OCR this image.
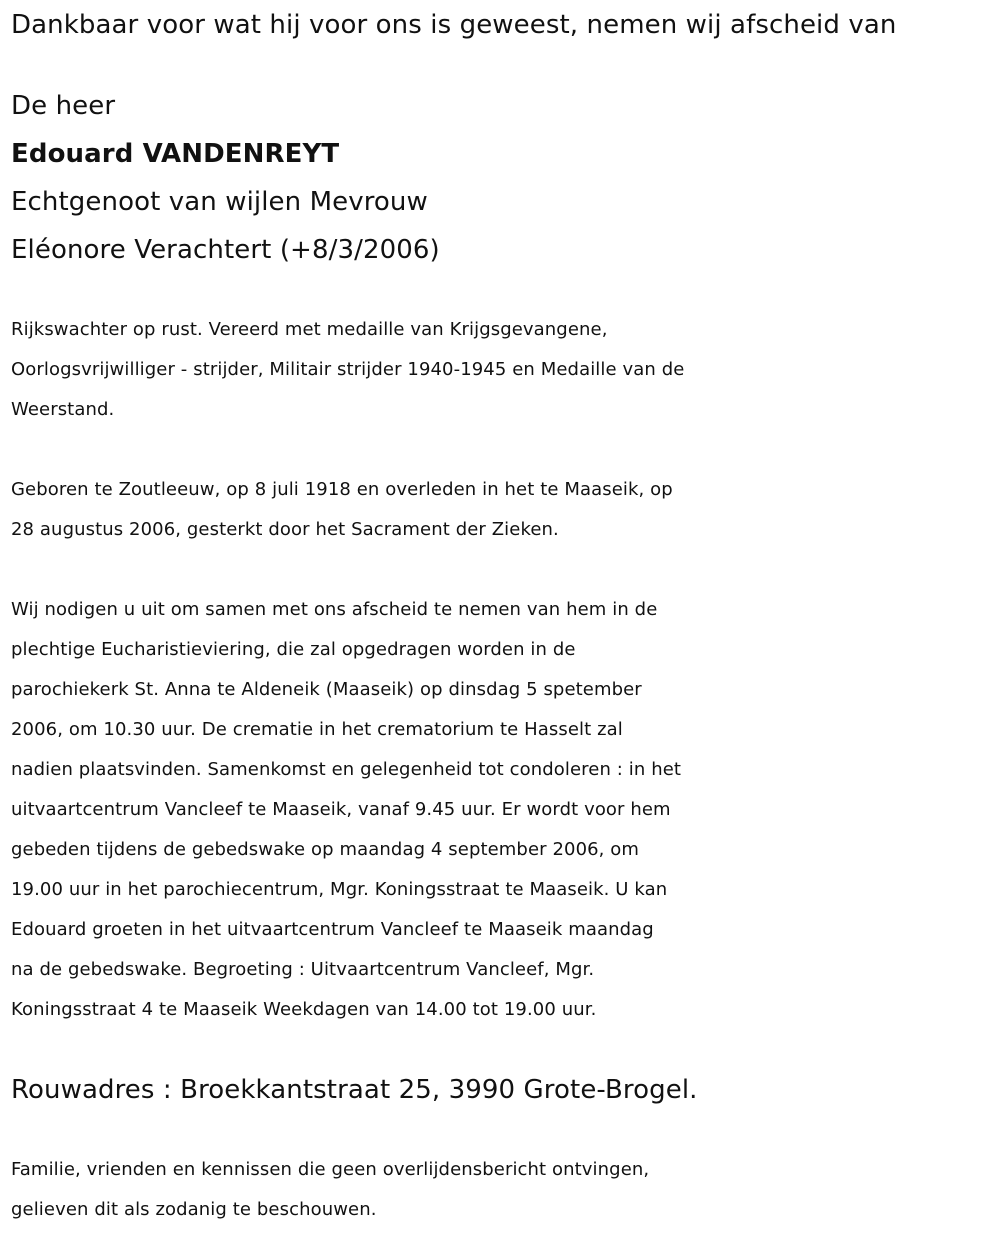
Dankbaar voor wat hij voor ons is geweest, nemen wij afscheid van
De heer
Edouard VANDENREYT
Echtgenoot van wijlen Mevrouw
Eléonore Verachtert (+8/3/2006)
Rijkswachter op rust. Vereerd met medaille van Krijgsgevangene,
Oorlogsvrijwilliger - strijder, Militair strijder 1940-1945 en Medaille van de
Weerstand.
Geboren te Zoutleeuw, op 8 juli 1918 en overleden in het te Maaseik, op
28 augustus 2006, gesterkt door het Sacrament der Zieken.
Wij nodigen u uit om samen met ons afscheid te nemen van hem in de
plechtige Eucharistieviering, die zal opgedragen worden in de
parochiekerk St. Anna te Aldeneik (Maaseik) op dinsdag 5 spetember
2006, om 10.30 uur. De crematie in het crematorium te Hasselt zal
nadien plaatsvinden. Samenkomst en gelegenheid tot condoleren : in het
uitvaartcentrum Vancleef te Maaseik, vanaf 9.45 uur. Er wordt voor hem
gebeden tijdens de gebedswake op maandag 4 september 2006, om
19.00 uur in het parochiecentrum, Mgr. Koningsstraat te Maaseik. U kan
Edouard groeten in het uitvaartcentrum Vancleef te Maaseik maandag
na de gebedswake. Begroeting : Uitvaartcentrum Vancleef, Mgr.
Koningsstraat 4 te Maaseik Weekdagen van 14.00 tot 19.00 uur.
Rouwadres : Broekkantstraat 25, 3990 Grote-Brogel.
Familie, vrienden en kennissen die geen overlijdensbericht ontvingen,
gelieven dit als zodanig te beschouwen.
